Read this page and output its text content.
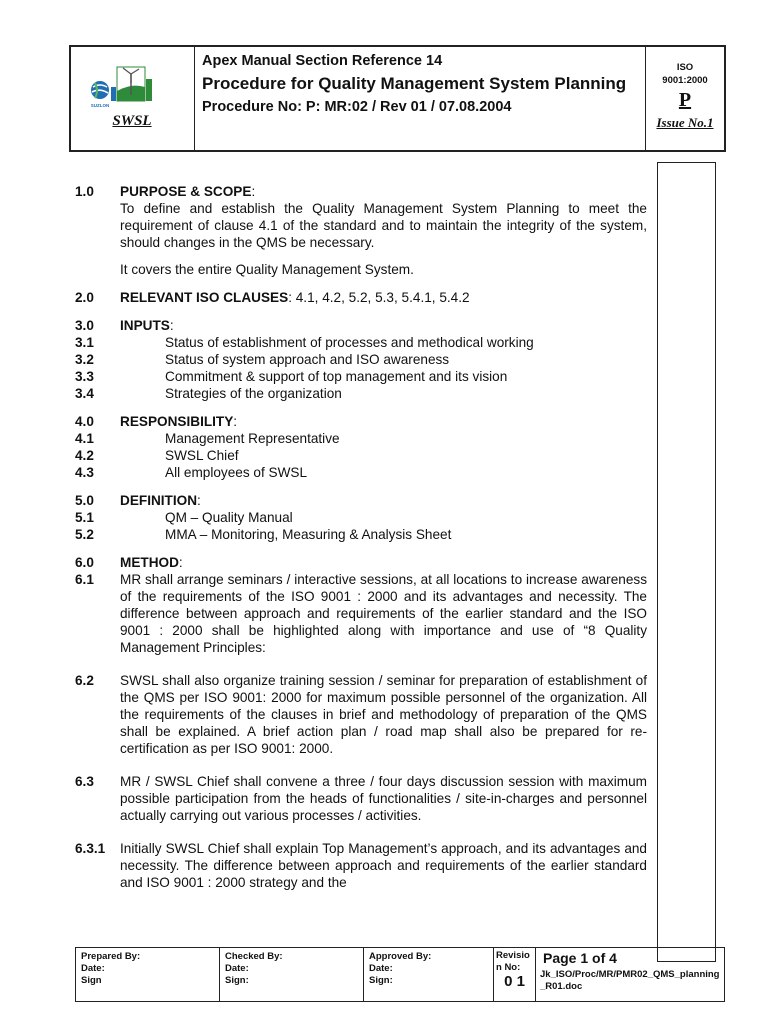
SUZLON
SWSL
Apex Manual Section Reference 14
Procedure for Quality Management System Planning
Procedure No: P: MR:02 / Rev 01 / 07.08.2004
ISO 9001:2000
P
Issue No.1
1.0	PURPOSE & SCOPE:
To define and establish the Quality Management System Planning to meet the requirement of clause 4.1 of the standard and to maintain the integrity of the system, should changes in the QMS be necessary.
It covers the entire Quality Management System.
2.0	RELEVANT ISO CLAUSES: 4.1, 4.2, 5.2, 5.3, 5.4.1, 5.4.2
3.0	INPUTS:
3.1	Status of establishment of processes and methodical working
3.2	Status of system approach and ISO awareness
3.3	Commitment & support of top management and its vision
3.4	Strategies of the organization
4.0	RESPONSIBILITY:
4.1	Management Representative
4.2	SWSL Chief
4.3	All employees of SWSL
5.0	DEFINITION:
5.1	QM – Quality Manual
5.2	MMA – Monitoring, Measuring & Analysis Sheet
6.0	METHOD:
6.1	MR shall arrange seminars / interactive sessions, at all locations to increase awareness of the requirements of the ISO 9001 : 2000 and its advantages and necessity. The difference between approach and requirements of the earlier standard and the ISO 9001 : 2000 shall be highlighted along with importance and use of “8 Quality Management Principles:
6.2	SWSL shall also organize training session / seminar for preparation of establishment of the QMS per ISO 9001: 2000 for maximum possible personnel of the organization. All the requirements of the clauses in brief and methodology of preparation of the QMS shall be explained. A brief action plan / road map shall also be prepared for re-certification as per ISO 9001: 2000.
6.3	MR / SWSL Chief shall convene a three / four days discussion session with maximum possible participation from the heads of functionalities / site-in-charges and personnel actually carrying out various processes / activities.
6.3.1	Initially SWSL Chief shall explain Top Management’s approach, and its advantages and necessity. The difference between approach and requirements of the earlier standard and ISO 9001 : 2000 strategy and the
Prepared By:
Date:
Sign
Checked By:
Date:
Sign:
Approved By:
Date:
Sign:
Revision No:
0 1
Page 1 of 4
Jk_ISO/Proc/MR/PMR02_QMS_planning_R01.doc
